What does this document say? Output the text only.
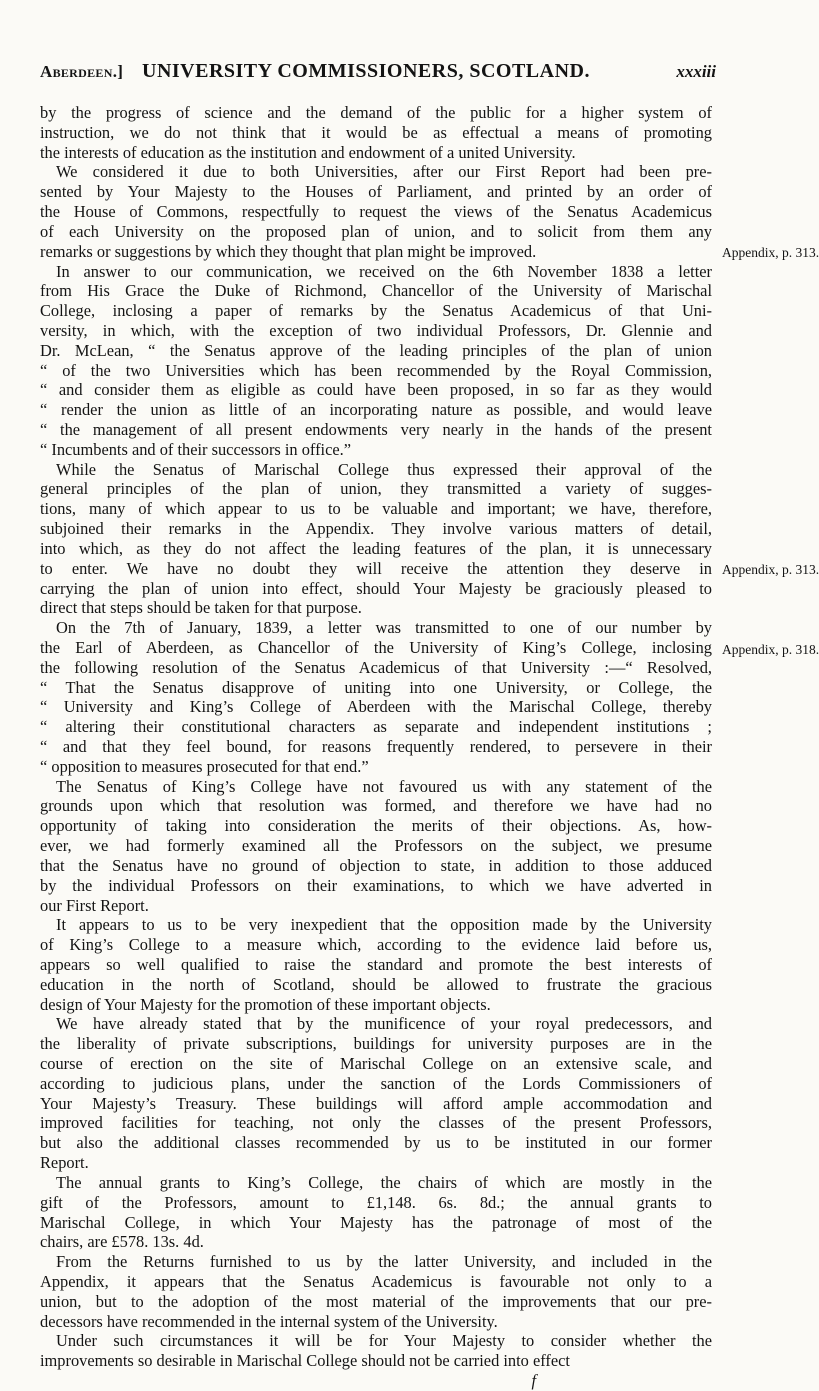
Aberdeen.] UNIVERSITY COMMISSIONERS, SCOTLAND.	xxxiii
by the progress of science and the demand of the public for a higher system of
instruction, we do not think that it would be as effectual a means of promoting
the interests of education as the institution and endowment of a united University.
We considered it due to both Universities, after our First Report had been pre-
sented by Your Majesty to the Houses of Parliament, and printed by an order of
the House of Commons, respectfully to request the views of the Senatus Academicus
of each University on the proposed plan of union, and to solicit from them any
remarks or suggestions by which they thought that plan might be improved.
In answer to our communication, we received on the 6th November 1838 a letter
from His Grace the Duke of Richmond, Chancellor of the University of Marischal
College, inclosing a paper of remarks by the Senatus Academicus of that Uni-
versity, in which, with the exception of two individual Professors, Dr. Glennie and
Dr. McLean, “ the Senatus approve of the leading principles of the plan of union
“ of the two Universities which has been recommended by the Royal Commission,
“ and consider them as eligible as could have been proposed, in so far as they would
“ render the union as little of an incorporating nature as possible, and would leave
“ the management of all present endowments very nearly in the hands of the present
“ Incumbents and of their successors in office.”
While the Senatus of Marischal College thus expressed their approval of the
general principles of the plan of union, they transmitted a variety of sugges-
tions, many of which appear to us to be valuable and important; we have, therefore,
subjoined their remarks in the Appendix. They involve various matters of detail,
into which, as they do not affect the leading features of the plan, it is unnecessary
to enter. We have no doubt they will receive the attention they deserve in
carrying the plan of union into effect, should Your Majesty be graciously pleased to
direct that steps should be taken for that purpose.
On the 7th of January, 1839, a letter was transmitted to one of our number by
the Earl of Aberdeen, as Chancellor of the University of King’s College, inclosing
the following resolution of the Senatus Academicus of that University :—“ Resolved,
“ That the Senatus disapprove of uniting into one University, or College, the
“ University and King’s College of Aberdeen with the Marischal College, thereby
“ altering their constitutional characters as separate and independent institutions ;
“ and that they feel bound, for reasons frequently rendered, to persevere in their
“ opposition to measures prosecuted for that end.”
The Senatus of King’s College have not favoured us with any statement of the
grounds upon which that resolution was formed, and therefore we have had no
opportunity of taking into consideration the merits of their objections. As, how-
ever, we had formerly examined all the Professors on the subject, we presume
that the Senatus have no ground of objection to state, in addition to those adduced
by the individual Professors on their examinations, to which we have adverted in
our First Report.
It appears to us to be very inexpedient that the opposition made by the University
of King’s College to a measure which, according to the evidence laid before us,
appears so well qualified to raise the standard and promote the best interests of
education in the north of Scotland, should be allowed to frustrate the gracious
design of Your Majesty for the promotion of these important objects.
We have already stated that by the munificence of your royal predecessors, and
the liberality of private subscriptions, buildings for university purposes are in the
course of erection on the site of Marischal College on an extensive scale, and
according to judicious plans, under the sanction of the Lords Commissioners of
Your Majesty’s Treasury. These buildings will afford ample accommodation and
improved facilities for teaching, not only the classes of the present Professors,
but also the additional classes recommended by us to be instituted in our former
Report.
The annual grants to King’s College, the chairs of which are mostly in the
gift of the Professors, amount to £1,148. 6s. 8d.; the annual grants to
Marischal College, in which Your Majesty has the patronage of most of the
chairs, are £578. 13s. 4d.
From the Returns furnished to us by the latter University, and included in the
Appendix, it appears that the Senatus Academicus is favourable not only to a
union, but to the adoption of the most material of the improvements that our pre-
decessors have recommended in the internal system of the University.
Under such circumstances it will be for Your Majesty to consider whether the
improvements so desirable in Marischal College should not be carried into effect
f
Appendix, p. 313.
Appendix, p. 313.
Appendix, p. 318.
